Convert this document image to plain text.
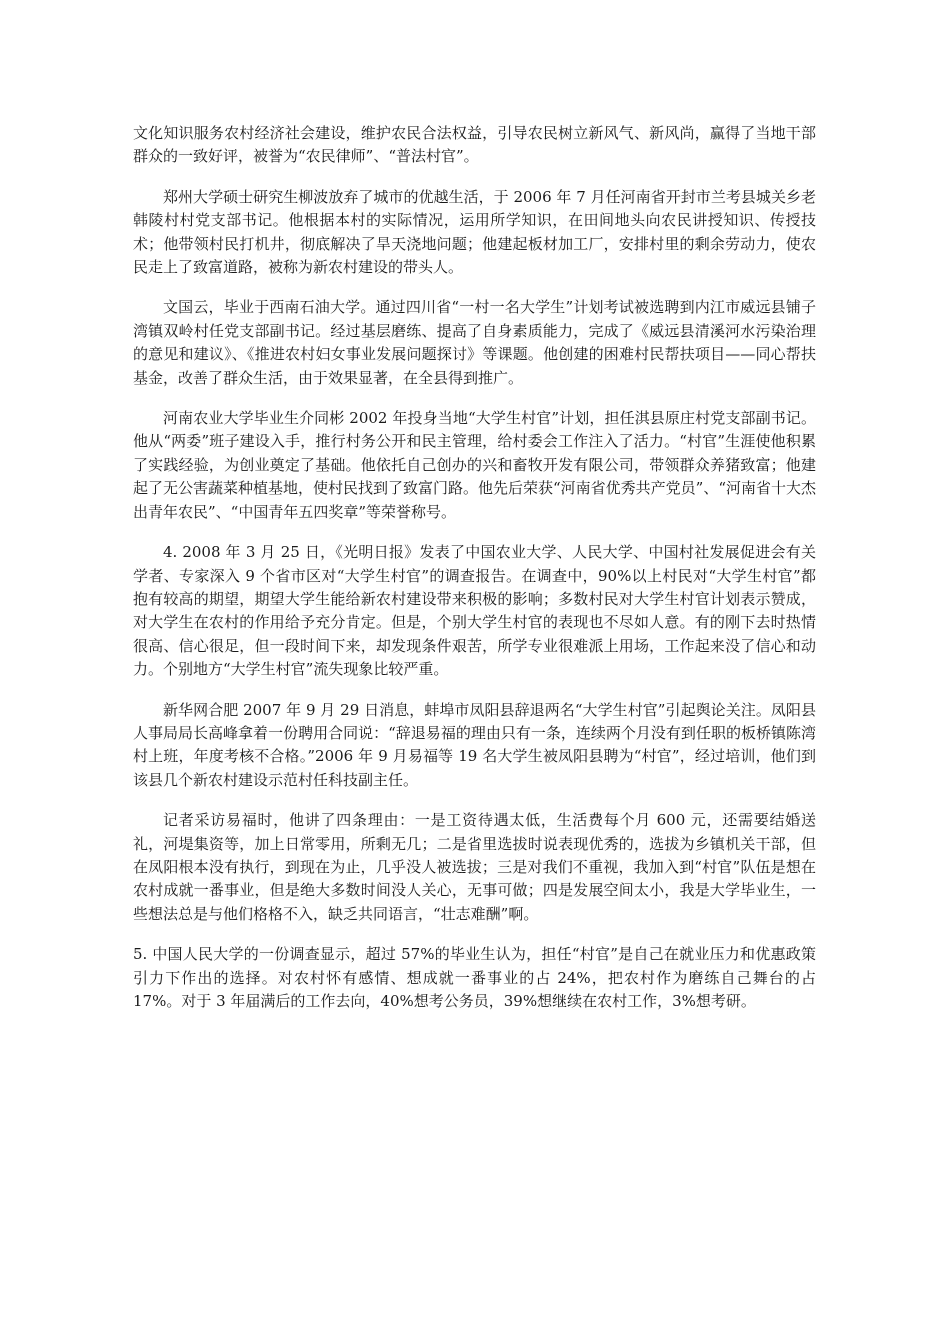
文化知识服务农村经济社会建设，维护农民合法权益，引导农民树立新风气、新风尚，赢得了当地干部群众的一致好评，被誉为“农民律师”、“普法村官”。

郑州大学硕士研究生柳波放弃了城市的优越生活，于 2006 年 7 月任河南省开封市兰考县城关乡老韩陵村村党支部书记。他根据本村的实际情况，运用所学知识，在田间地头向农民讲授知识、传授技术；他带领村民打机井，彻底解决了旱天浇地问题；他建起板材加工厂，安排村里的剩余劳动力，使农民走上了致富道路，被称为新农村建设的带头人。

文国云，毕业于西南石油大学。通过四川省“一村一名大学生”计划考试被选聘到内江市威远县铺子湾镇双岭村任党支部副书记。经过基层磨练、提高了自身素质能力，完成了《威远县清溪河水污染治理的意见和建议》、《推进农村妇女事业发展问题探讨》等课题。他创建的困难村民帮扶项目——同心帮扶基金，改善了群众生活，由于效果显著，在全县得到推广。

河南农业大学毕业生介同彬 2002 年投身当地“大学生村官”计划，担任淇县原庄村党支部副书记。他从“两委”班子建设入手，推行村务公开和民主管理，给村委会工作注入了活力。“村官”生涯使他积累了实践经验，为创业奠定了基础。他依托自己创办的兴和畜牧开发有限公司，带领群众养猪致富；他建起了无公害蔬菜种植基地，使村民找到了致富门路。他先后荣获“河南省优秀共产党员”、“河南省十大杰出青年农民”、“中国青年五四奖章”等荣誉称号。

4. 2008 年 3 月 25 日，《光明日报》发表了中国农业大学、人民大学、中国村社发展促进会有关学者、专家深入 9 个省市区对“大学生村官”的调查报告。在调查中，90%以上村民对“大学生村官”都抱有较高的期望，期望大学生能给新农村建设带来积极的影响；多数村民对大学生村官计划表示赞成，对大学生在农村的作用给予充分肯定。但是，个别大学生村官的表现也不尽如人意。有的刚下去时热情很高、信心很足，但一段时间下来，却发现条件艰苦，所学专业很难派上用场，工作起来没了信心和动力。个别地方“大学生村官”流失现象比较严重。

新华网合肥 2007 年 9 月 29 日消息，蚌埠市凤阳县辞退两名“大学生村官”引起舆论关注。凤阳县人事局局长高峰拿着一份聘用合同说：“辞退易福的理由只有一条，连续两个月没有到任职的板桥镇陈湾村上班，年度考核不合格。”2006 年 9 月易福等 19 名大学生被凤阳县聘为“村官”，经过培训，他们到该县几个新农村建设示范村任科技副主任。

记者采访易福时，他讲了四条理由：一是工资待遇太低，生活费每个月 600 元，还需要结婚送礼，河堤集资等，加上日常零用，所剩无几；二是省里选拔时说表现优秀的，选拔为乡镇机关干部，但在凤阳根本没有执行，到现在为止，几乎没人被选拔；三是对我们不重视，我加入到“村官”队伍是想在农村成就一番事业，但是绝大多数时间没人关心，无事可做；四是发展空间太小，我是大学毕业生，一些想法总是与他们格格不入，缺乏共同语言，“壮志难酬”啊。

5. 中国人民大学的一份调查显示，超过 57%的毕业生认为，担任“村官”是自己在就业压力和优惠政策引力下作出的选择。对农村怀有感情、想成就一番事业的占 24%，把农村作为磨练自己舞台的占 17%。对于 3 年届满后的工作去向，40%想考公务员，39%想继续在农村工作，3%想考研。
